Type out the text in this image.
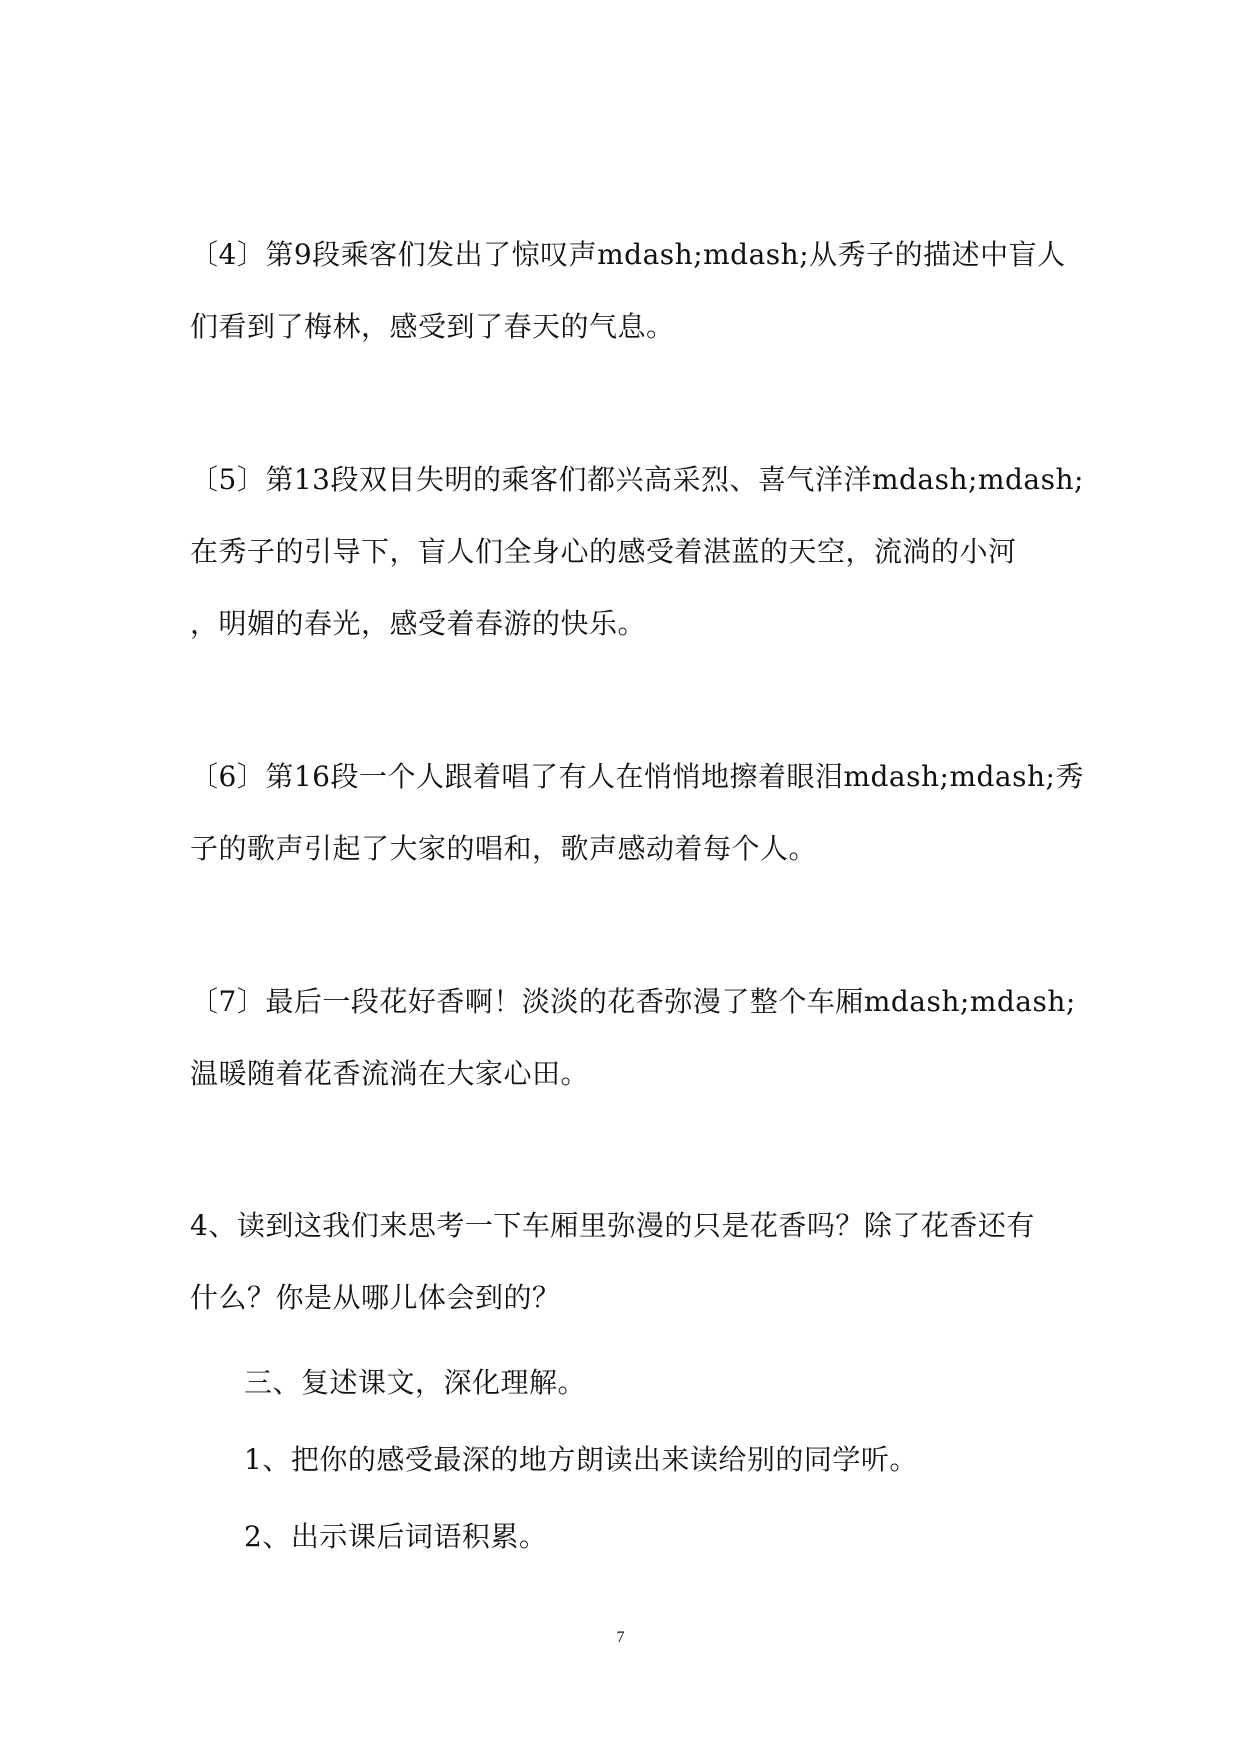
〔4〕第9段乘客们发出了惊叹声mdash;mdash;从秀子的描述中盲人
们看到了梅林，感受到了春天的气息。
〔5〕第13段双目失明的乘客们都兴高采烈、喜气洋洋mdash;mdash;
在秀子的引导下，盲人们全身心的感受着湛蓝的天空，流淌的小河
，明媚的春光，感受着春游的快乐。
〔6〕第16段一个人跟着唱了有人在悄悄地擦着眼泪mdash;mdash;秀
子的歌声引起了大家的唱和，歌声感动着每个人。
〔7〕最后一段花好香啊！淡淡的花香弥漫了整个车厢mdash;mdash;
温暖随着花香流淌在大家心田。
4、读到这我们来思考一下车厢里弥漫的只是花香吗？除了花香还有
什么？你是从哪儿体会到的？
三、复述课文，深化理解。
1、把你的感受最深的地方朗读出来读给别的同学听。
2、出示课后词语积累。
7
